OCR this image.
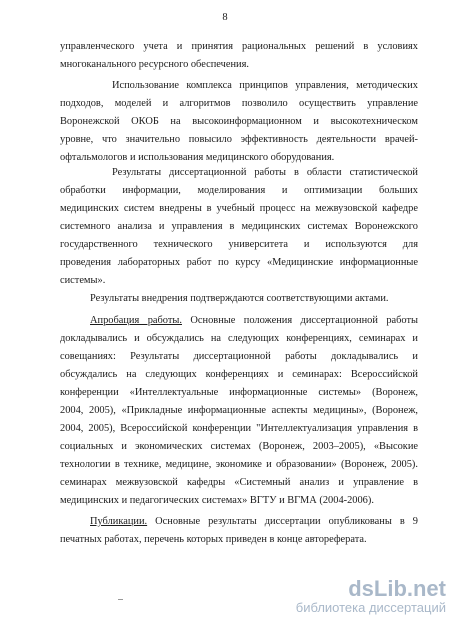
8
управленческого учета и принятия рациональных решений в условиях
многоканального ресурсного обеспечения.
Использование комплекса принципов управления, методических
подходов, моделей и алгоритмов позволило осуществить управление
Воронежской ОКОБ на высокоинформационном и высокотехническом
уровне, что значительно повысило эффективность деятельности врачей-
офтальмологов и использования медицинского оборудования.
Результаты диссертационной работы в области статистической
обработки информации, моделирования и оптимизации больших
медицинских систем внедрены в учебный процесс на межвузовской кафедре
системного анализа и управления в медицинских системах Воронежского
государственного технического университета и используются для
проведения лабораторных работ по курсу «Медицинские информационные
системы».
Результаты внедрения подтверждаются соответствующими актами.
Апробация работы. Основные положения диссертационной работы
докладывались и обсуждались на следующих конференциях, семинарах и
совещаниях: Результаты диссертационной работы докладывались и
обсуждались на следующих конференциях и семинарах: Всероссийской
конференции «Интеллектуальные информационные системы» (Воронеж,
2004, 2005), «Прикладные информационные аспекты медицины», (Воронеж,
2004, 2005), Всероссийской конференции "Интеллектуализация управления в
социальных и экономических системах (Воронеж, 2003–2005), «Высокие
технологии в технике, медицине, экономике и образовании» (Воронеж, 2005).
семинарах межвузовской кафедры «Системный анализ и управление в
медицинских и педагогических системах» ВГТУ и ВГМА (2004-2006).
Публикации. Основные результаты диссертации опубликованы в 9
печатных работах, перечень которых приведен в конце автореферата.
dsLib.net
библиотека диссертаций
